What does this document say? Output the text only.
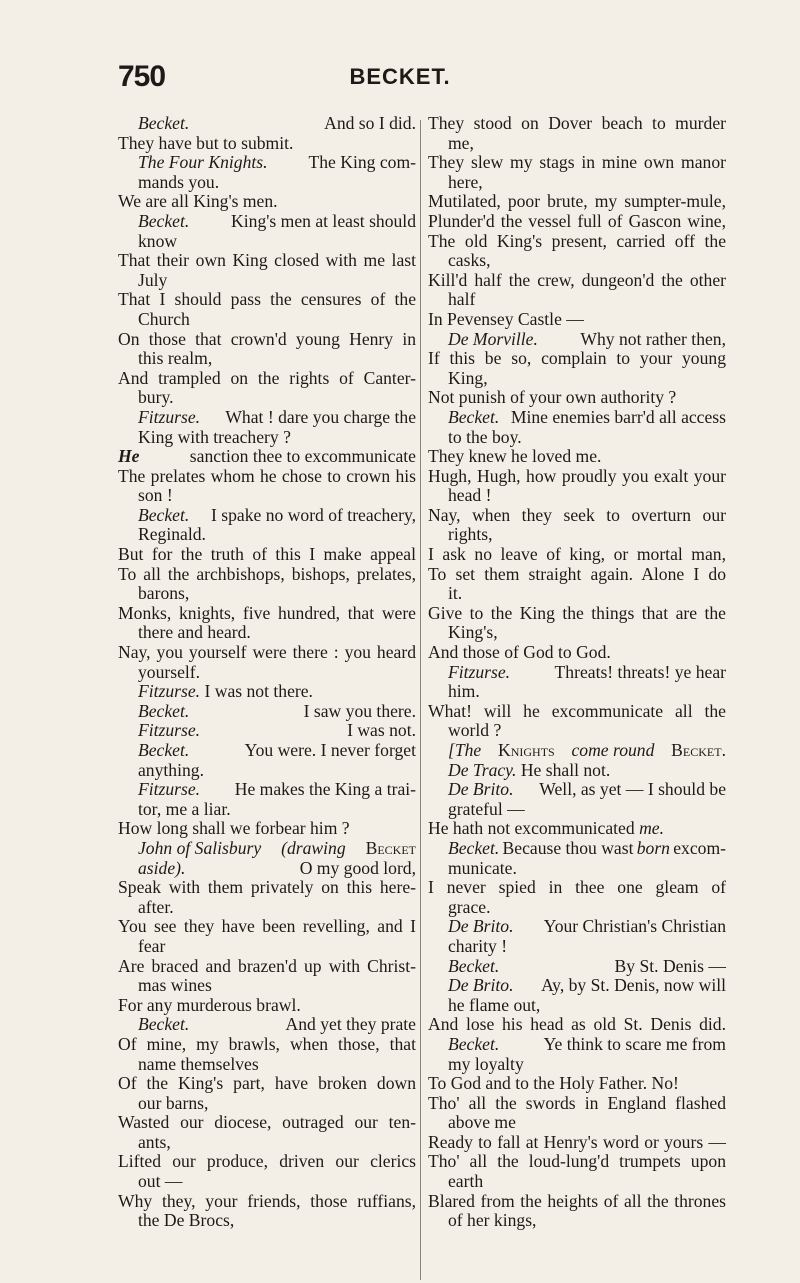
750	BECKET.
Becket.	And so I did.
They have but to submit.
The Four Knights. The King com-
mands you.
We are all King's men.
Becket. King's men at least should
know
That their own King closed with me last
July
That I should pass the censures of the
Church
On those that crown'd young Henry in
this realm,
And trampled on the rights of Canter-
bury.
Fitzurse. What ! dare you charge the
King with treachery ?
He	sanction thee to excommunicate
The prelates whom he chose to crown his
son !
Becket. I spake no word of treachery,
Reginald.
But for the truth of this I make appeal
To all the archbishops, bishops, prelates,
barons,
Monks, knights, five hundred, that were
there and heard.
Nay, you yourself were there : you heard
yourself.
Fitzurse. I was not there.
Becket.	I saw you there.
Fitzurse.	I was not.
Becket.	You were. I never forget
anything.
Fitzurse. He makes the King a trai-
tor, me a liar.
How long shall we forbear him ?
John of Salisbury (drawing Becket
aside).	O my good lord,
Speak with them privately on this here-
after.
You see they have been revelling, and I
fear
Are braced and brazen'd up with Christ-
mas wines
For any murderous brawl.
Becket.	And yet they prate
Of mine, my brawls, when those, that
name themselves
Of the King's part, have broken down
our barns,
Wasted our diocese, outraged our ten-
ants,
Lifted our produce, driven our clerics
out —
Why they, your friends, those ruffians,
the De Brocs,
They stood on Dover beach to murder
me,
They slew my stags in mine own manor
here,
Mutilated, poor brute, my sumpter-mule,
Plunder'd the vessel full of Gascon wine,
The old King's present, carried off the
casks,
Kill'd half the crew, dungeon'd the other
half
In Pevensey Castle —
De Morville. Why not rather then,
If this be so, complain to your young
King,
Not punish of your own authority ?
Becket. Mine enemies barr'd all access
to the boy.
They knew he loved me.
Hugh, Hugh, how proudly you exalt your
head !
Nay, when they seek to overturn our
rights,
I ask no leave of king, or mortal man,
To set them straight again. Alone I do
it.
Give to the King the things that are the
King's,
And those of God to God.
Fitzurse.	Threats! threats! ye hear
him.
What! will he excommunicate all the
world ?
[The Knights come round Becket.
De Tracy. He shall not.
De Brito. Well, as yet — I should be
grateful —
He hath not excommunicated me.
Becket. Because thou wast born excom-
municate.
I never spied in thee one gleam of
grace.
De Brito. Your Christian's Christian
charity !
Becket.	By St. Denis —
De Brito. Ay, by St. Denis, now will
he flame out,
And lose his head as old St. Denis did.
Becket.	Ye think to scare me from
my loyalty
To God and to the Holy Father. No!
Tho' all the swords in England flashed
above me
Ready to fall at Henry's word or yours —
Tho' all the loud-lung'd trumpets upon
earth
Blared from the heights of all the thrones
of her kings,
